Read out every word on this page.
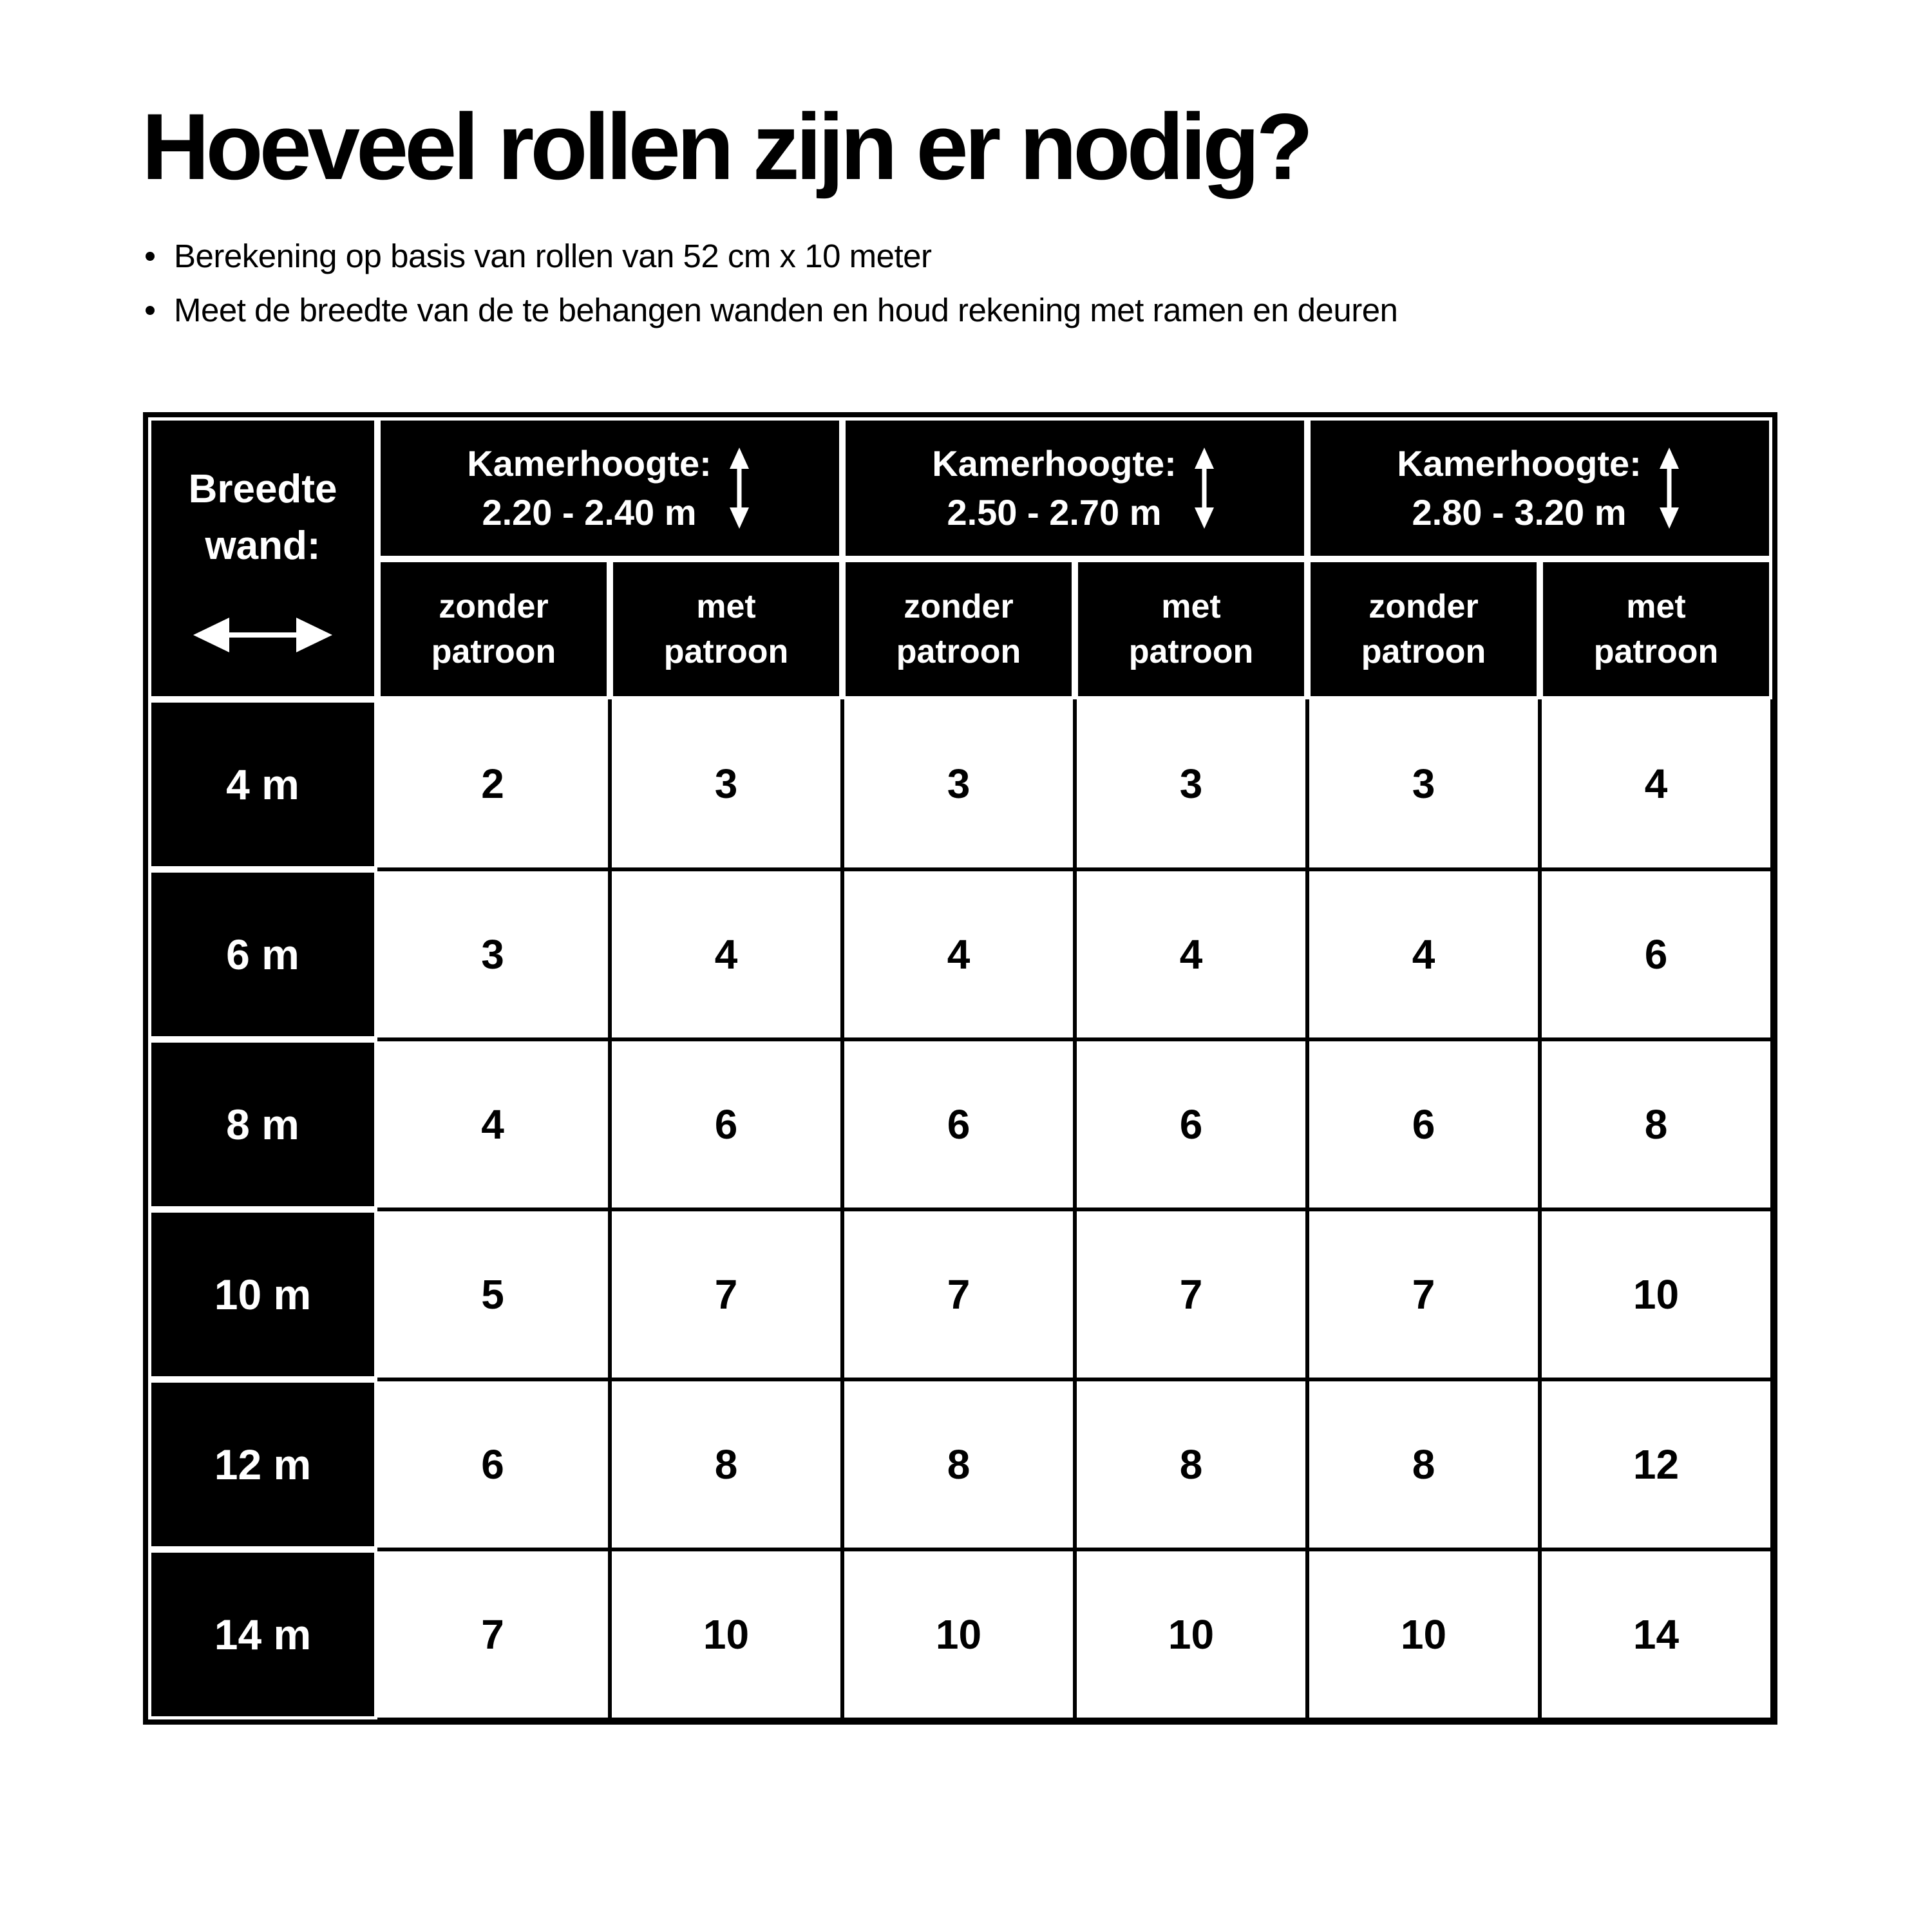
Hoeveel rollen zijn er nodig?
Berekening op basis van rollen van 52 cm x 10 meter
Meet de breedte van de te behangen wanden en houd rekening met ramen en deuren
Breedte
wand:

Kamerhoogte:
2.20 - 2.40 m

Kamerhoogte:
2.50 - 2.70 m

Kamerhoogte:
2.80 - 3.20 m

zonder
patroon

met
patroon

zonder
patroon

met
patroon

zonder
patroon

met
patroon

4 m	2	3	3	3	3	4
6 m	3	4	4	4	4	6
8 m	4	6	6	6	6	8
10 m	5	7	7	7	7	10
12 m	6	8	8	8	8	12
14 m	7	10	10	10	10	14
